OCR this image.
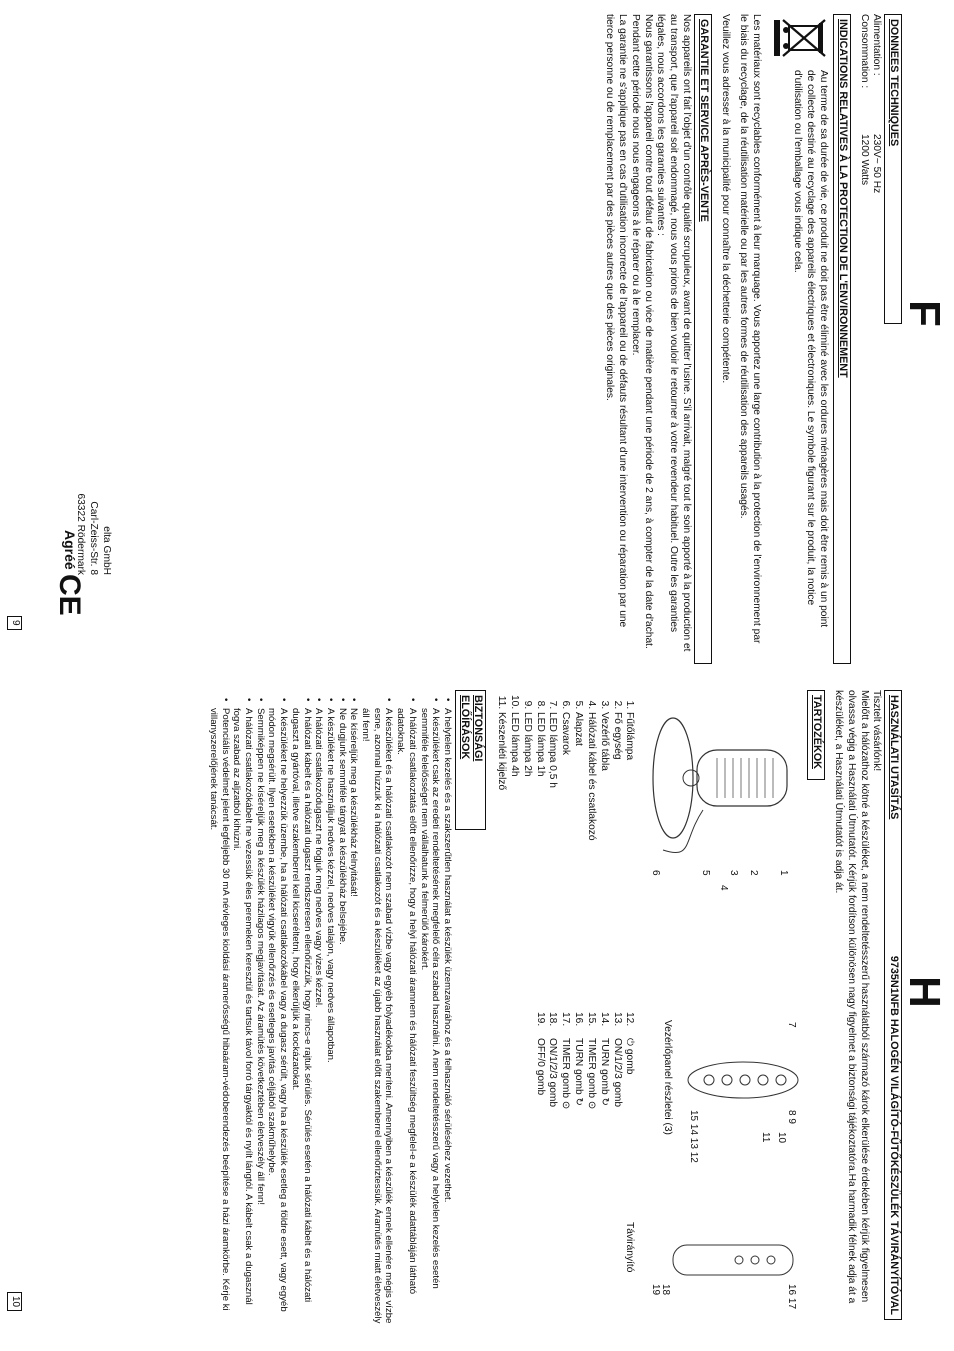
F
DONNEES TECHNIQUES
Alimentation :
230V~ 50 Hz
Consommation :
1200 Watts
INDICATIONS RELATIVES À LA PROTECTION DE L'ENVIRONNEMENT

Au terme de sa durée de vie, ce produit ne doit pas être éliminé avec les ordures ménagères mais doit être remis à un point de collecte destiné au recyclage des appareils électriques et électroniques. Le symbole figurant sur le produit, la notice d'utilisation ou l'emballage vous indique cela.

Les matériaux sont recyclables conformément à leur marquage. Vous apportez une large contribution à la protection de l'environnement par le biais du recyclage, de la réutilisation matérielle ou par les autres formes de réutilisation des appareils usagés.

Veuillez vous adresser à la municipalité pour connaître la déchetterie compétente.

GARANTIE ET SERVICE APRÈS-VENTE

Nos appareils ont fait l'objet d'un contrôle qualité scrupuleux, avant de quitter l'usine. S'il arrivait, malgré tout le soin apporté à la production et au transport, que l'appareil soit endommagé, nous vous prions de bien vouloir le retourner à votre revendeur habituel. Outre les garanties légales, nous accordons les garanties suivantes :

Nous garantissons l'appareil contre tout défaut de fabrication ou vice de matière pendant une période de 2 ans, à compter de la date d'achat. Pendant cette période nous nous engageons à le réparer ou à le remplacer.

La garantie ne s'applique pas en cas d'utilisation incorrecte de l'appareil ou de défauts résultant d'une intervention ou réparation par une tierce personne ou de remplacement par des pièces autres que des pièces originales.

elta GmbH
Carl-Zeiss-Str. 8
63322 Rödermark
Agréé
CE
9
H
HASZNÁLATI UTASÍTÁS
9735N1NFB HALOGÉN VILÁGÍTÓ-FŰTŐKÉSZÜLÉK TÁVIRÁNYÍTÓVAL
Tisztelt vásárlónk!

Mielőtt a hálózathoz kötné a készüléket, a nem rendeltetésszerű használatból származó károk elkerülése érdekében kérjük figyelmesen olvassa végig a Használati Útmutatót. Kérjük fordítson különösen nagy figyelmet a biztonsági tájékoztatóra.Ha harmadik félnek adja át a készüléket, a Használati Útmutatót is adja át.

TARTOZÉKOK
1
2
3
4
5
6
7
8 9
10
11
15 14 13 12
16 17
18
19
Vezérlőpanel részletei (3)
1. Fűtőlámpa
2. Fő egység
3. Vezérlő tábla
4. Hálózati kábel és csatlakozó
5. Alapzat
6. Csavarok
7. LED lámpa 0,5 h
8. LED lámpa 1h
9. LED lámpa 2h
10. LED lámpa 4h
11. Készenléti kijelző
12.
⏻ gomb
13.
ON/1/2/3 gomb
14.
TURN gomb ↻
15.
TIMER gomb ⊙
16.
TURN gomb ↻
17.
TIMER gomb ⊙
18.
ON/1/2/3 gomb
19.
OFF/0 gomb
Távirányító
BIZTONSÁGI ELŐÍRÁSOK
• A helytelen kezelés és a szakszerűtlen használat a készülék üzemzavarához és a felhasználó sérüléséhez vezethet.
• A készüléket csak az eredeti rendeltetésének megfelelő célra szabad használni. A nem rendeltetésszerű vagy a helytelen kezelés esetén semmiféle felelősséget nem vállalhatunk a felmerülő károkért.
• A hálózati csatlakoztatás előtt ellenőrizze, hogy a helyi hálózati áramnem és hálózati feszültség megfelel-e a készülék adattábláján látható adatoknak.
• A készüléket és a hálózati csatlakozót nem szabad vízbe vagy egyéb folyadékokba meríteni. Amennyiben a készülék ennek ellenére mégis vízbe esne, azonnal húzzuk ki a hálózati csatlakozót és a készüléket az újabb használat előtt szakemberrel ellenőriztessük. Áramütés miatt életveszély áll fenn!
• Ne kíséreljük meg a készülékház felnyitását!
• Ne dugjunk semmiféle tárgyat a készülékház belsejébe.
• A készüléket ne használjuk nedves kézzel, nedves talajon, vagy nedves állapotban.
• A hálózati csatlakozódugaszt ne fogjuk meg nedves vagy vizes kézzel.
• A hálózati kábelt és a hálózati dugaszt rendszeresen ellenőrizzük, hogy nincs-e rajtuk sérülés. Sérülés esetén a hálózati kábelt és a hálózati dugaszt a gyártóval, illetve szakemberrel kell kicseréltetni, hogy elkerüljük a kockázatokat.
• A készüléket ne helyezzük üzembe, ha a hálózati csatlakozókábel vagy a dugasz sérült, vagy ha a készülék esetleg a földre esett, vagy egyéb módon megsérült. Ilyen esetekben a készüléket vigyük ellenőrzés és esetleges javítás céljából szakműhelybe.
• Semmiképpen ne kíséreljük meg a készülék házilagos megjavítását. Az áramütés következtében életveszély áll fenn!
• A hálózati csatlakozókábelt ne vezessük éles peremeken keresztül és tartsuk távol forró tárgyaktól és nyílt lángtól. A kábelt csak a dugasznál fogva szabad az aljzatból kihúzni.
• Potenciális védelmet jelent legfeljebb 30 mA névleges kioldási áramerősségű hibaáram-védoberendezés beépítése a házi áramkörbe. Kérje ki villanyszerelőjének tanácsát.
10
